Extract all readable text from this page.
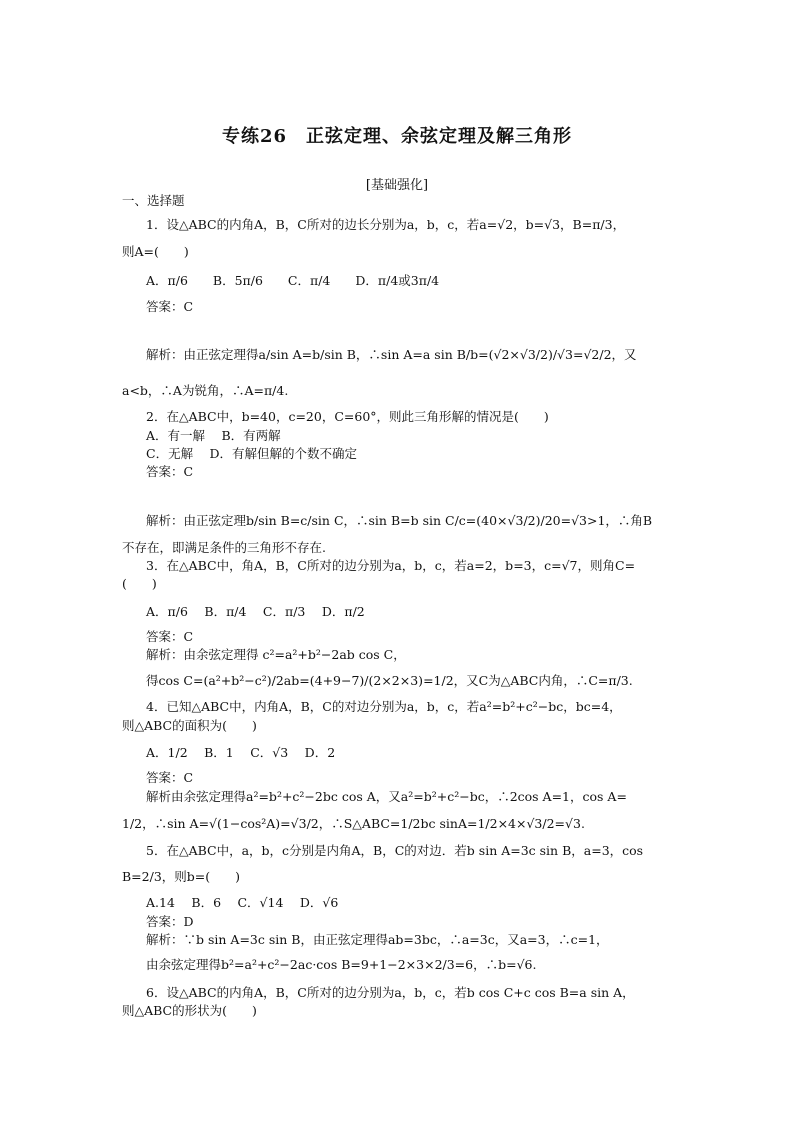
专练26　正弦定理、余弦定理及解三角形
[基础强化]
一、选择题
1．设△ABC的内角A，B，C所对的边长分别为a，b，c，若a=√2，b=√3，B=π/3，
则A=(　　)
A．π/6　　B．5π/6　　C．π/4　　D．π/4或3π/4
答案：C
解析：由正弦定理得a/sin A=b/sin B，∴sin A=a sin B/b=(√2×√3/2)/√3=√2/2，又
a<b，∴A为锐角，∴A=π/4.
2．在△ABC中，b=40，c=20，C=60°，则此三角形解的情况是(　　)
A．有一解　 B．有两解
C．无解　 D．有解但解的个数不确定
答案：C
解析：由正弦定理b/sin B=c/sin C，∴sin B=b sin C/c=(40×√3/2)/20=√3>1，∴角B
不存在，即满足条件的三角形不存在.
3．在△ABC中，角A，B，C所对的边分别为a，b，c，若a=2，b=3，c=√7，则角C=
(　　)
A．π/6　 B．π/4　 C．π/3　 D．π/2
答案：C
解析：由余弦定理得 c²=a²+b²−2ab cos C，
得cos C=(a²+b²−c²)/2ab=(4+9−7)/(2×2×3)=1/2，又C为△ABC内角，∴C=π/3.
4．已知△ABC中，内角A，B，C的对边分别为a，b，c，若a²=b²+c²−bc，bc=4，
则△ABC的面积为(　　)
A．1/2　 B．1　 C．√3　 D．2
答案：C
解析由余弦定理得a²=b²+c²−2bc cos A，又a²=b²+c²−bc，∴2cos A=1，cos A=
1/2，∴sin A=√(1−cos²A)=√3/2，∴S△ABC=1/2bc sinA=1/2×4×√3/2=√3.
5．在△ABC中，a，b，c分别是内角A，B，C的对边．若b sin A=3c sin B，a=3，cos
B=2/3，则b=(　　)
A.14　 B．6　 C．√14　 D．√6
答案：D
解析：∵b sin A=3c sin B，由正弦定理得ab=3bc，∴a=3c，又a=3，∴c=1，
由余弦定理得b²=a²+c²−2ac·cos B=9+1−2×3×2/3=6，∴b=√6.
6．设△ABC的内角A，B，C所对的边分别为a，b，c，若b cos C+c cos B=a sin A，
则△ABC的形状为(　　)
